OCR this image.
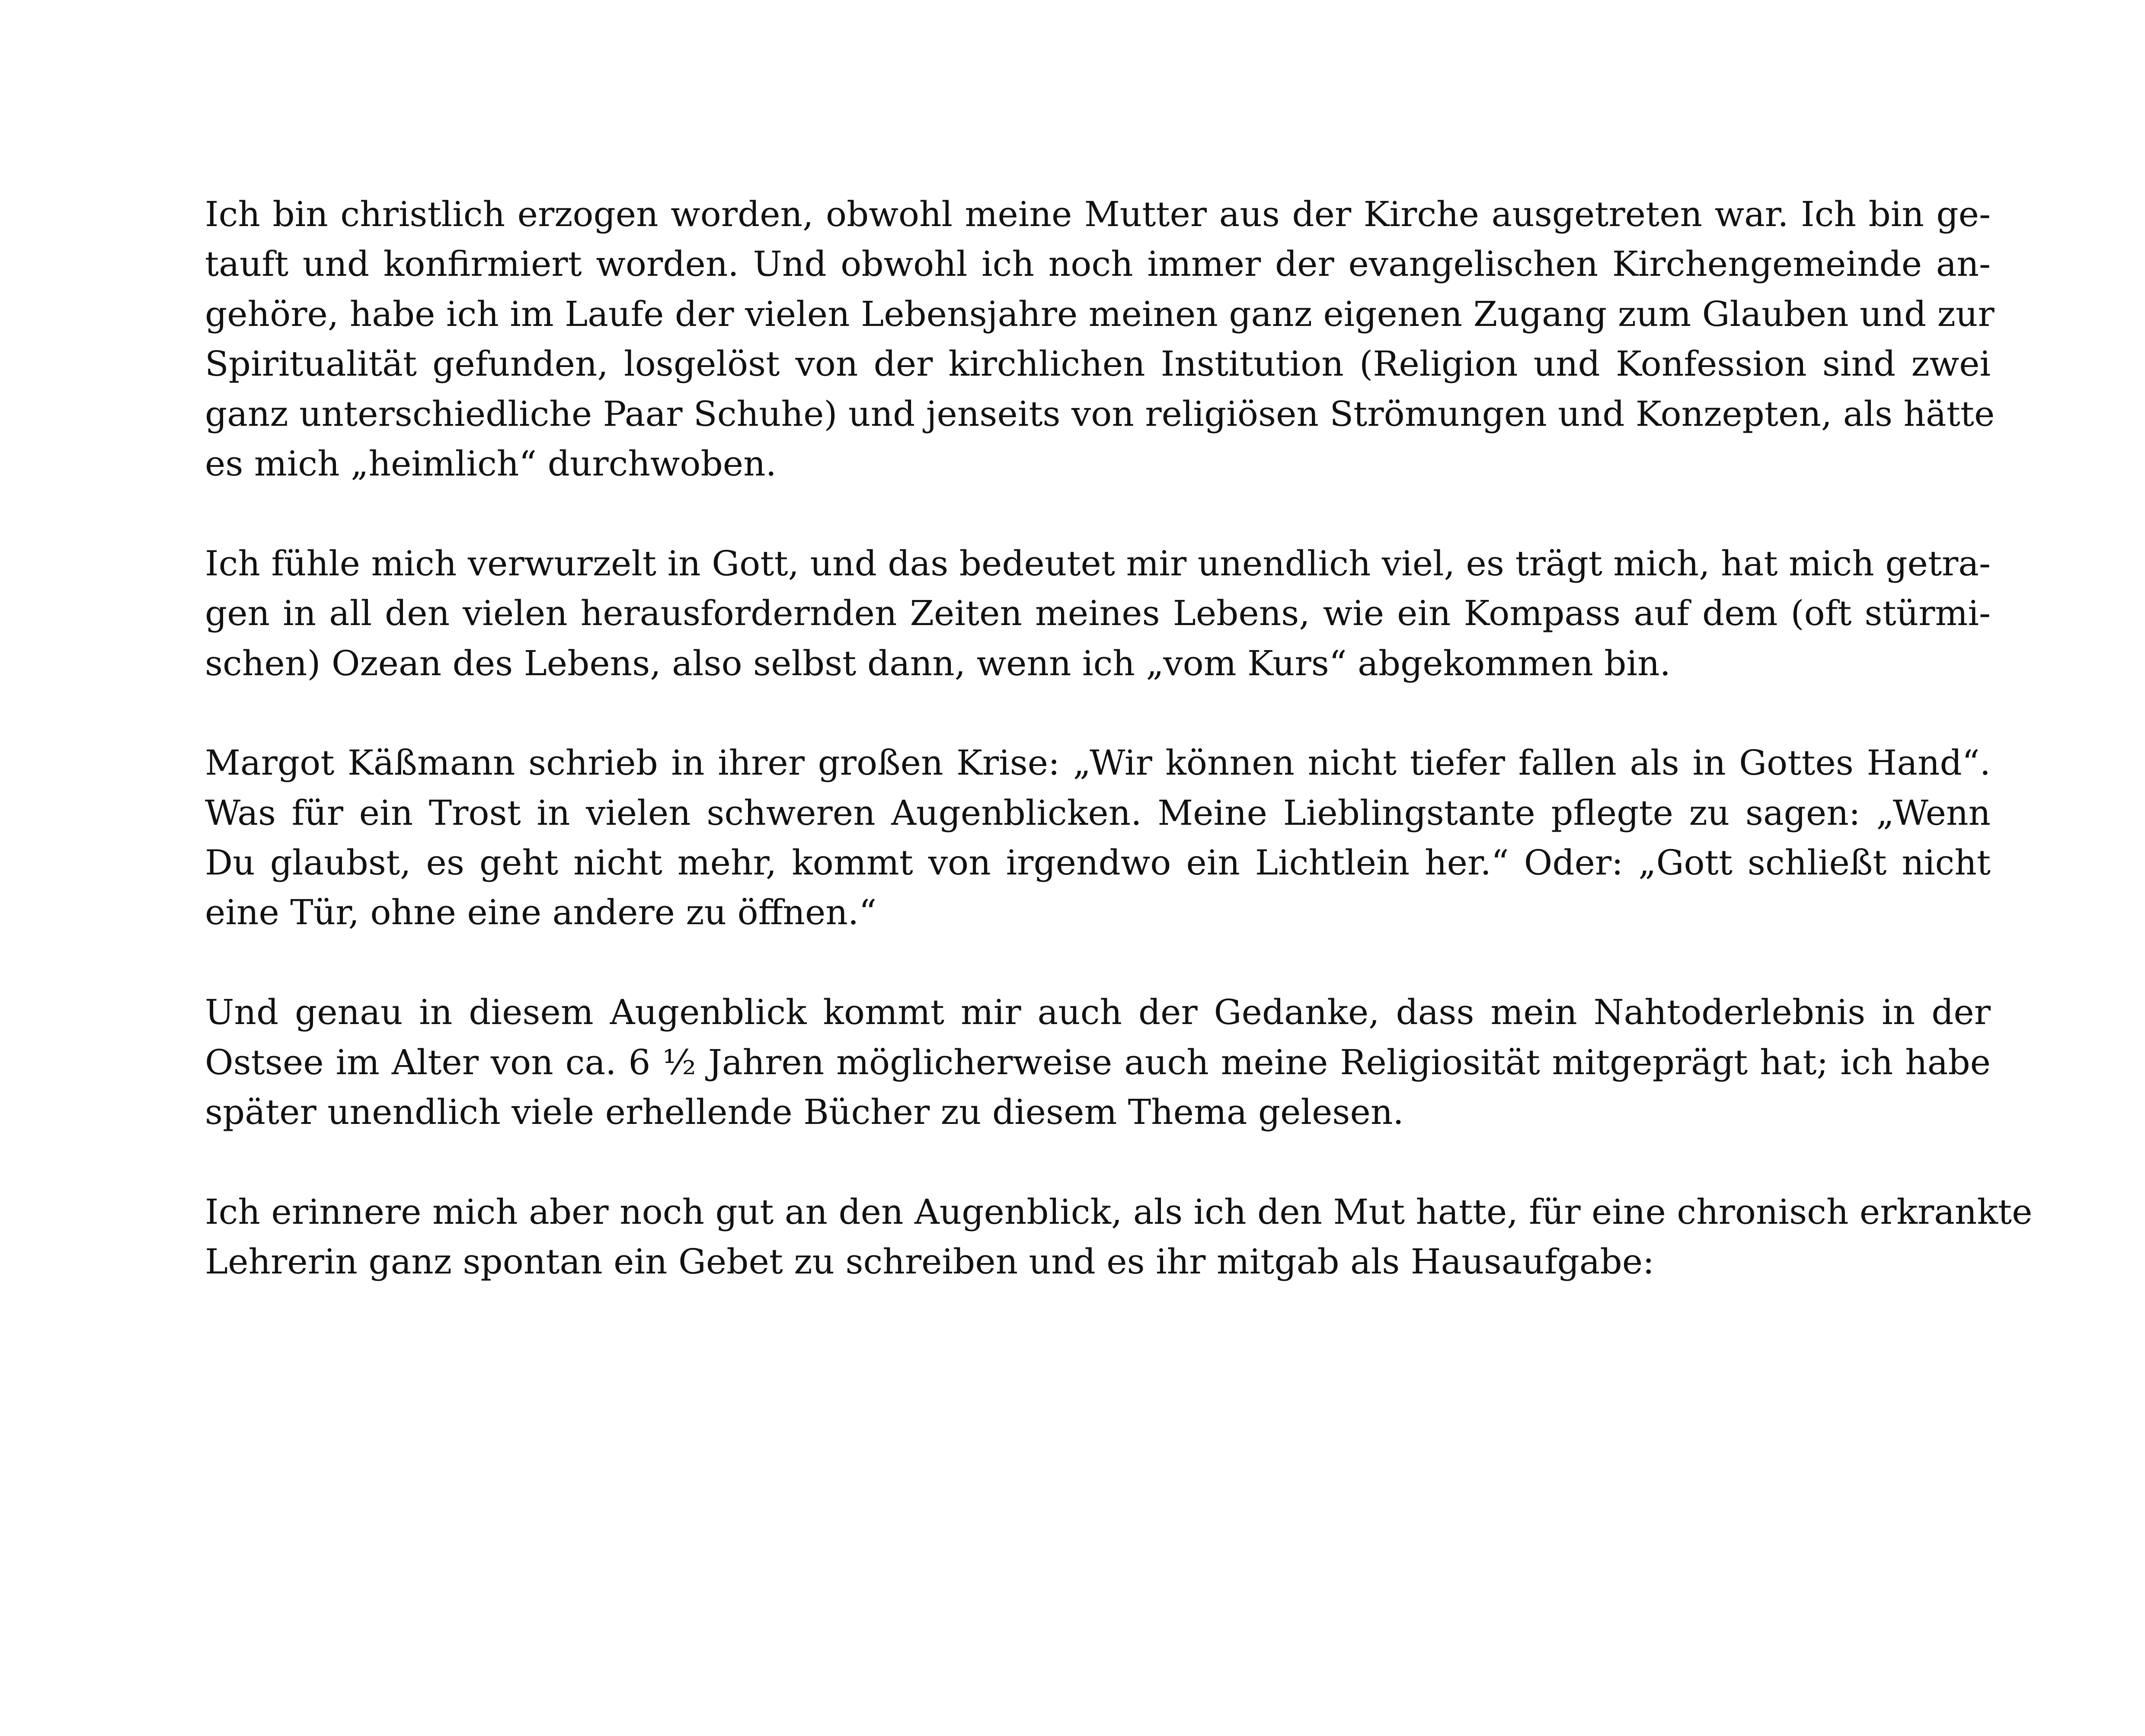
Ich bin christlich erzogen worden, obwohl meine Mutter aus der Kirche ausgetreten war. Ich bin ge-
tauft und konfirmiert worden. Und obwohl ich noch immer der evangelischen Kirchengemeinde an-
gehöre, habe ich im Laufe der vielen Lebensjahre meinen ganz eigenen Zugang zum Glauben und zur
Spiritualität gefunden, losgelöst von der kirchlichen Institution (Religion und Konfession sind zwei
ganz unterschiedliche Paar Schuhe) und jenseits von religiösen Strömungen und Konzepten, als hätte
es mich „heimlich“ durchwoben.

Ich fühle mich verwurzelt in Gott, und das bedeutet mir unendlich viel, es trägt mich, hat mich getra-
gen in all den vielen herausfordernden Zeiten meines Lebens, wie ein Kompass auf dem (oft stürmi-
schen) Ozean des Lebens, also selbst dann, wenn ich „vom Kurs“ abgekommen bin.

Margot Käßmann schrieb in ihrer großen Krise: „Wir können nicht tiefer fallen als in Gottes Hand“.
Was für ein Trost in vielen schweren Augenblicken. Meine Lieblingstante pflegte zu sagen: „Wenn
Du glaubst, es geht nicht mehr, kommt von irgendwo ein Lichtlein her.“ Oder: „Gott schließt nicht
eine Tür, ohne eine andere zu öffnen.“

Und genau in diesem Augenblick kommt mir auch der Gedanke, dass mein Nahtoderlebnis in der
Ostsee im Alter von ca. 6 ½ Jahren möglicherweise auch meine Religiosität mitgeprägt hat; ich habe
später unendlich viele erhellende Bücher zu diesem Thema gelesen.

Ich erinnere mich aber noch gut an den Augenblick, als ich den Mut hatte, für eine chronisch erkrankte
Lehrerin ganz spontan ein Gebet zu schreiben und es ihr mitgab als Hausaufgabe:
